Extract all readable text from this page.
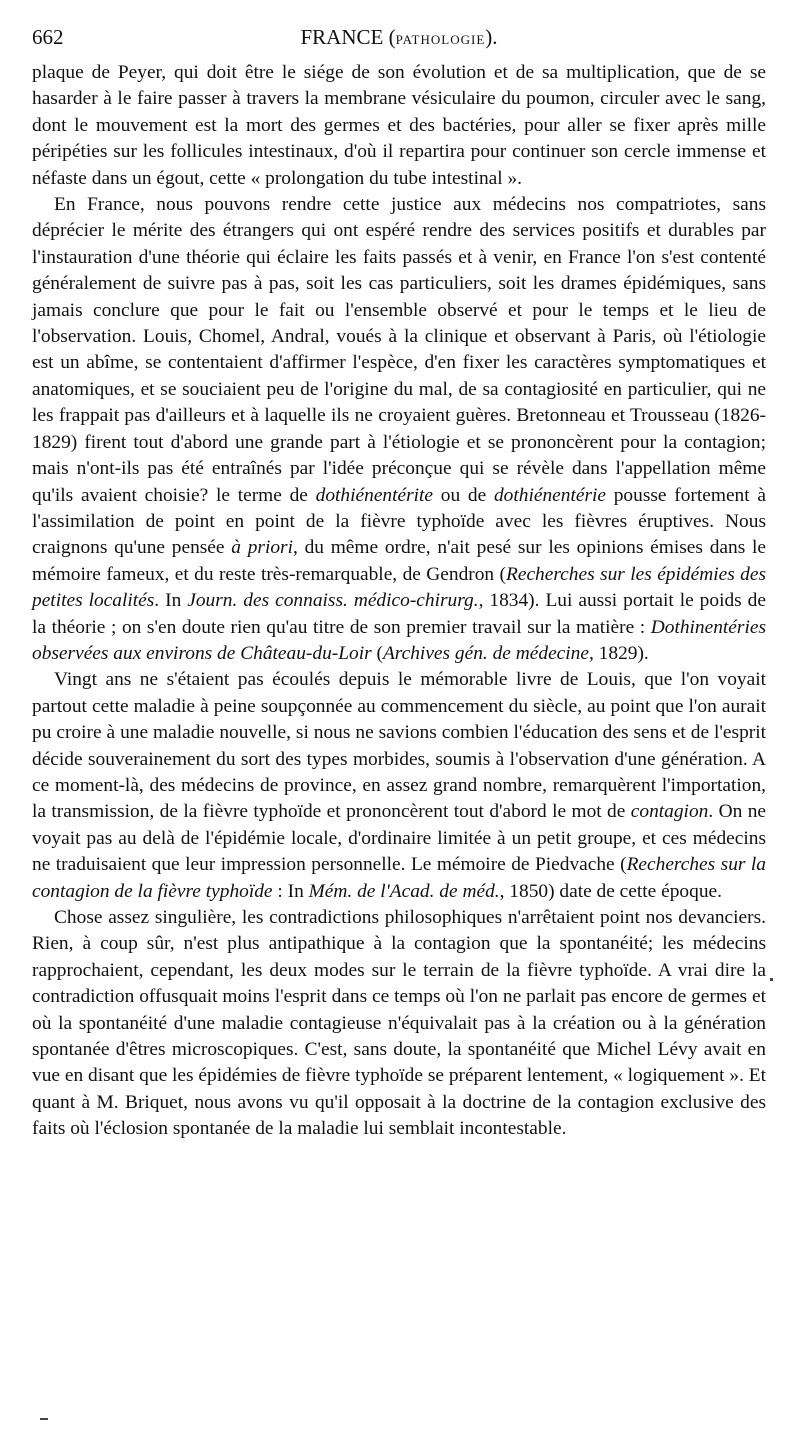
662	FRANCE (PATHOLOGIE).

plaque de Peyer, qui doit être le siége de son évolution et de sa multiplication, que de se hasarder à le faire passer à travers la membrane vésiculaire du poumon, circuler avec le sang, dont le mouvement est la mort des germes et des bactéries, pour aller se fixer après mille péripéties sur les follicules intestinaux, d'où il repartira pour continuer son cercle immense et néfaste dans un égout, cette « prolongation du tube intestinal ».

En France, nous pouvons rendre cette justice aux médecins nos compatriotes, sans déprécier le mérite des étrangers qui ont espéré rendre des services positifs et durables par l'instauration d'une théorie qui éclaire les faits passés et à venir, en France l'on s'est contenté généralement de suivre pas à pas, soit les cas particuliers, soit les drames épidémiques, sans jamais conclure que pour le fait ou l'ensemble observé et pour le temps et le lieu de l'observation. Louis, Chomel, Andral, voués à la clinique et observant à Paris, où l'étiologie est un abîme, se contentaient d'affirmer l'espèce, d'en fixer les caractères symptomatiques et anatomiques, et se souciaient peu de l'origine du mal, de sa contagiosité en particulier, qui ne les frappait pas d'ailleurs et à laquelle ils ne croyaient guères. Bretonneau et Trousseau (1826-1829) firent tout d'abord une grande part à l'étiologie et se prononcèrent pour la contagion; mais n'ont-ils pas été entraînés par l'idée préconçue qui se révèle dans l'appellation même qu'ils avaient choisie? le terme de dothiénentérite ou de dothiénentérie pousse fortement à l'assimilation de point en point de la fièvre typhoïde avec les fièvres éruptives. Nous craignons qu'une pensée à priori, du même ordre, n'ait pesé sur les opinions émises dans le mémoire fameux, et du reste très-remarquable, de Gendron (Recherches sur les épidémies des petites localités. In Journ. des connaiss. médico-chirurg., 1834). Lui aussi portait le poids de la théorie ; on s'en doute rien qu'au titre de son premier travail sur la matière : Dothinentéries observées aux environs de Château-du-Loir (Archives gén. de médecine, 1829).

Vingt ans ne s'étaient pas écoulés depuis le mémorable livre de Louis, que l'on voyait partout cette maladie à peine soupçonnée au commencement du siècle, au point que l'on aurait pu croire à une maladie nouvelle, si nous ne savions combien l'éducation des sens et de l'esprit décide souverainement du sort des types morbides, soumis à l'observation d'une génération. A ce moment-là, des médecins de province, en assez grand nombre, remarquèrent l'importation, la transmission, de la fièvre typhoïde et prononcèrent tout d'abord le mot de contagion. On ne voyait pas au delà de l'épidémie locale, d'ordinaire limitée à un petit groupe, et ces médecins ne traduisaient que leur impression personnelle. Le mémoire de Piedvache (Recherches sur la contagion de la fièvre typhoïde : In Mém. de l'Acad. de méd., 1850) date de cette époque.

Chose assez singulière, les contradictions philosophiques n'arrêtaient point nos devanciers. Rien, à coup sûr, n'est plus antipathique à la contagion que la spontanéité; les médecins rapprochaient, cependant, les deux modes sur le terrain de la fièvre typhoïde. A vrai dire la contradiction offusquait moins l'esprit dans ce temps où l'on ne parlait pas encore de germes et où la spontanéité d'une maladie contagieuse n'équivalait pas à la création ou à la génération spontanée d'êtres microscopiques. C'est, sans doute, la spontanéité que Michel Lévy avait en vue en disant que les épidémies de fièvre typhoïde se préparent lentement, « logiquement ». Et quant à M. Briquet, nous avons vu qu'il opposait à la doctrine de la contagion exclusive des faits où l'éclosion spontanée de la maladie lui semblait incontestable.
